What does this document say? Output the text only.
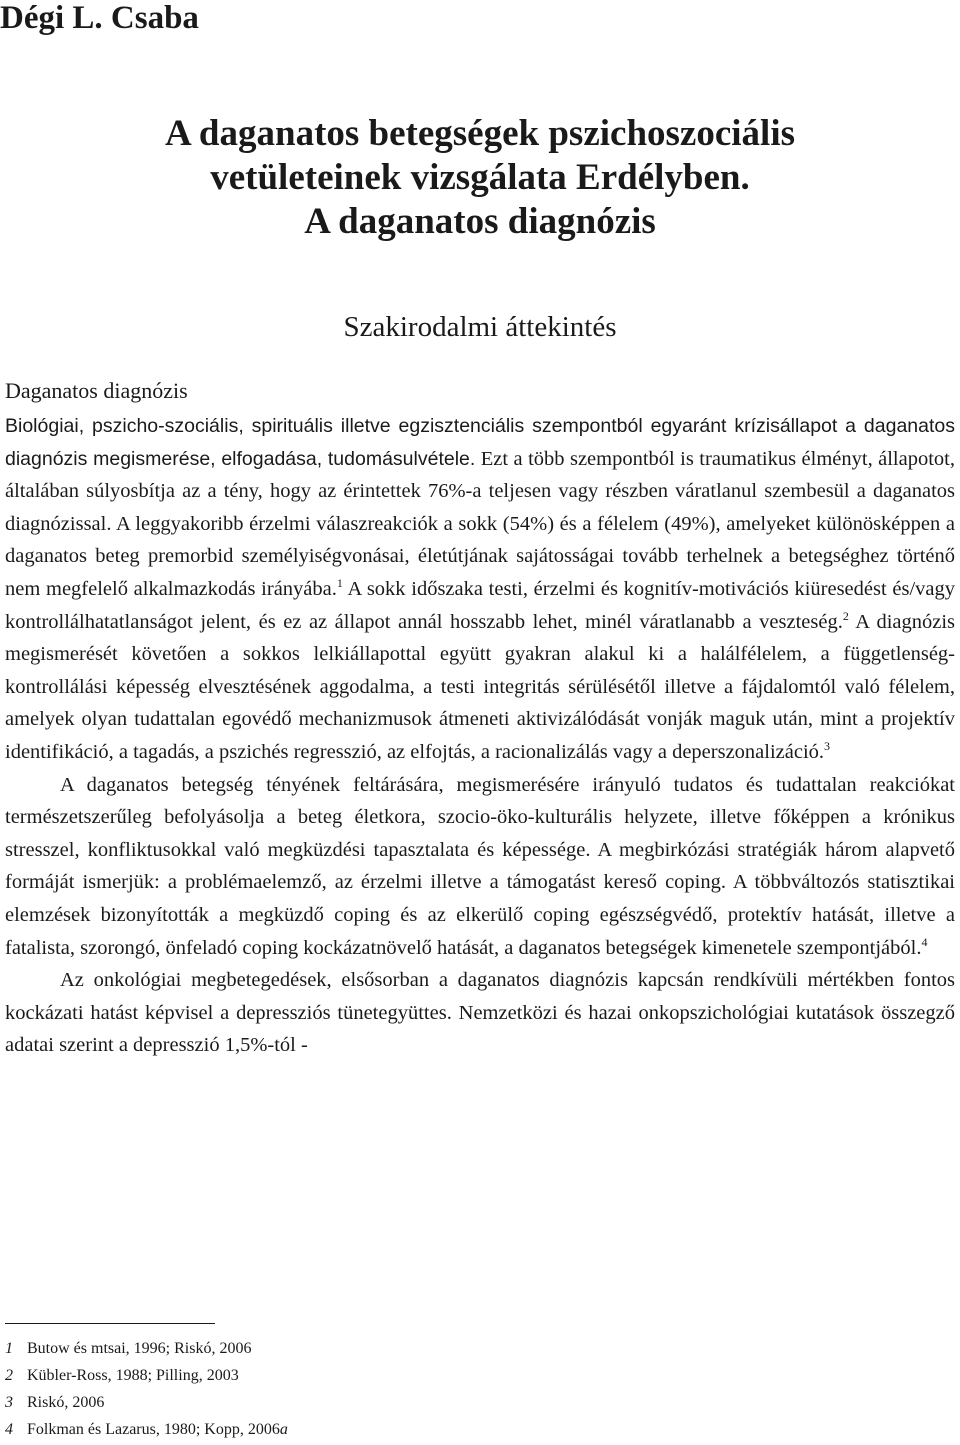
Dégi L. Csaba
A daganatos betegségek pszichoszociális
vetületeinek vizsgálata Erdélyben.
A daganatos diagnózis
Szakirodalmi áttekintés
Daganatos diagnózis

Biológiai, pszicho-szociális, spirituális illetve egzisztenciális szempontból egyaránt krízisállapot a daganatos diagnózis megismerése, elfogadása, tudomásulvétele. Ezt a több szempontból is traumatikus élményt, állapotot, általában súlyosbítja az a tény, hogy az érintettek 76%-a teljesen vagy részben váratlanul szembesül a daganatos diagnózissal. A leggyakoribb érzelmi válaszreakciók a sokk (54%) és a félelem (49%), amelyeket különösképpen a daganatos beteg premorbid személyiségvonásai, életútjának sajátosságai tovább terhelnek a betegséghez történő nem megfelelő alkalmazkodás irányába.$^1$ A sokk időszaka testi, érzelmi és kognitív-motivációs kiüresedést és/vagy kontrollálhatatlanságot jelent, és ez az állapot annál hosszabb lehet, minél váratlanabb a veszteség.$^2$ A diagnózis megismerését követően a sokkos lelkiállapottal együtt gyakran alakul ki a halálfélelem, a függetlenség-kontrollálási képesség elvesztésének aggodalma, a testi integritás sérülésétől illetve a fájdalomtól való félelem, amelyek olyan tudattalan egovédő mechanizmusok átmeneti aktivizálódását vonják maguk után, mint a projektív identifikáció, a tagadás, a pszichés regresszió, az elfojtás, a racionalizálás vagy a deperszonalizáció.$^3$

A daganatos betegség tényének feltárására, megismerésére irányuló tudatos és tudattalan reakciókat természetszerűleg befolyásolja a beteg életkora, szocio-öko-kulturális helyzete, illetve főképpen a krónikus stresszel, konfliktusokkal való megküzdési tapasztalata és képessége. A megbirkózási stratégiák három alapvető formáját ismerjük: a problémaelemző, az érzelmi illetve a támogatást kereső coping. A többváltozós statisztikai elemzések bizonyították a megküzdő coping és az elkerülő coping egészségvédő, protektív hatását, illetve a fatalista, szorongó, önfeladó coping kockázatnövelő hatását, a daganatos betegségek kimenetele szempontjából.$^4$

Az onkológiai megbetegedések, elsősorban a daganatos diagnózis kapcsán rendkívüli mértékben fontos kockázati hatást képvisel a depressziós tünetegyüttes. Nemzetközi és hazai onkopszichológiai kutatások összegző adatai szerint a depresszió 1,5%-tól -

1 Butow és mtsai, 1996; Riskó, 2006
2 Kübler-Ross, 1988; Pilling, 2003
3 Riskó, 2006
4 Folkman és Lazarus, 1980; Kopp, 2006a
